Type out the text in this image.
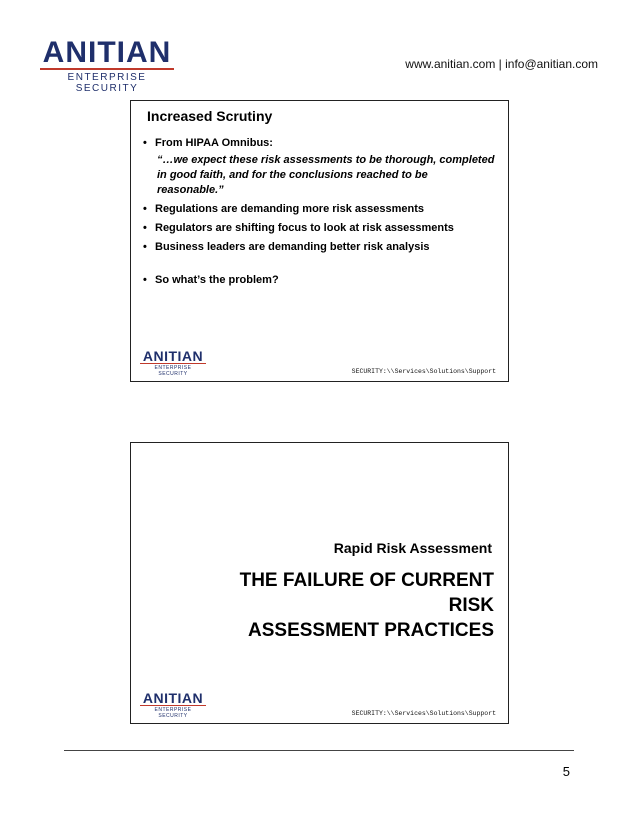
ANITIAN
ENTERPRISE SECURITY
www.anitian.com | info@anitian.com
Increased Scrutiny
• From HIPAA Omnibus:
“…we expect these risk assessments to be thorough, completed
in good faith, and for the conclusions reached to be
reasonable.”
• Regulations are demanding more risk assessments
• Regulators are shifting focus to look at risk assessments
• Business leaders are demanding better risk analysis
• So what’s the problem?
ANITIAN
ENTERPRISE SECURITY	SECURITY:\\Services\Solutions\Support
Rapid Risk Assessment
THE FAILURE OF CURRENT RISK
ASSESSMENT PRACTICES
ANITIAN
ENTERPRISE SECURITY	SECURITY:\\Services\Solutions\Support
5
